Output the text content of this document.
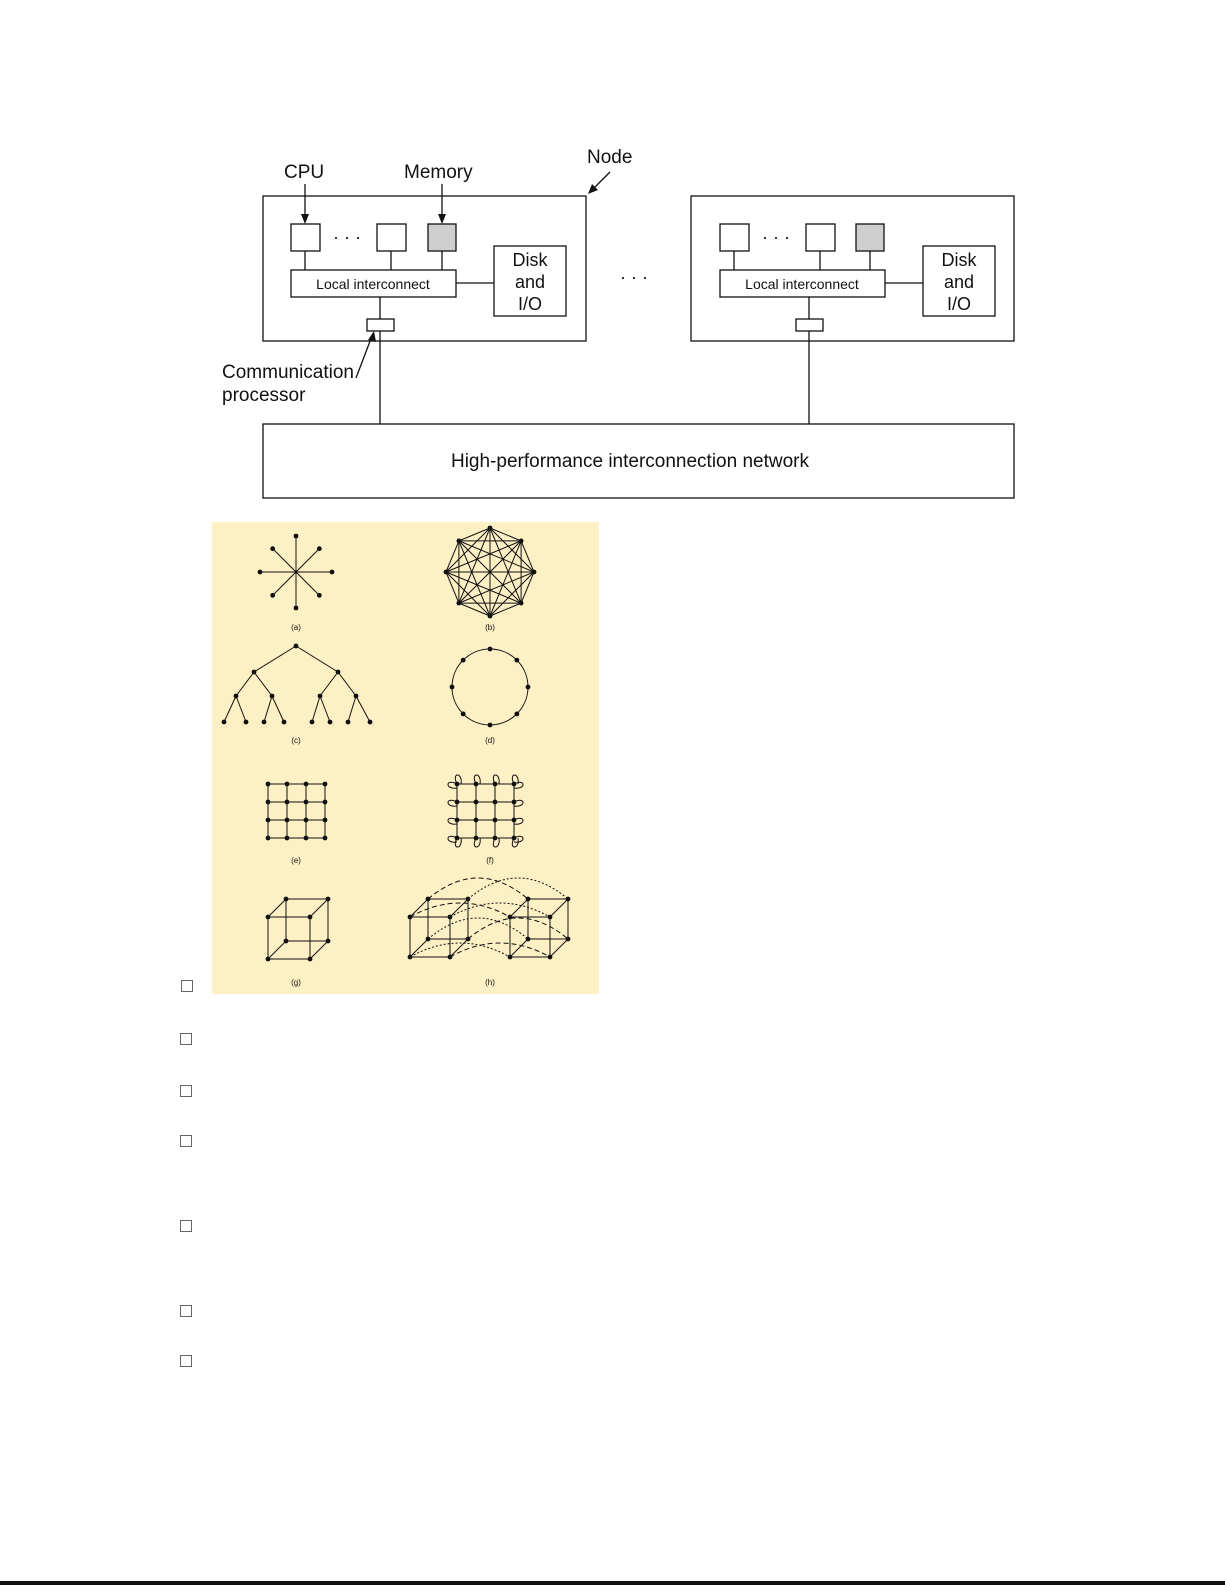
CPU	Memory
Node
· · ·	· · ·
· · ·
Local interconnect	Local interconnect
Disk
and
I/O
Disk
and
I/O
Communication
processor
High-performance interconnection network
(a)	(b)
(c)	(d)
(e)	(f)
(g)	(h)
